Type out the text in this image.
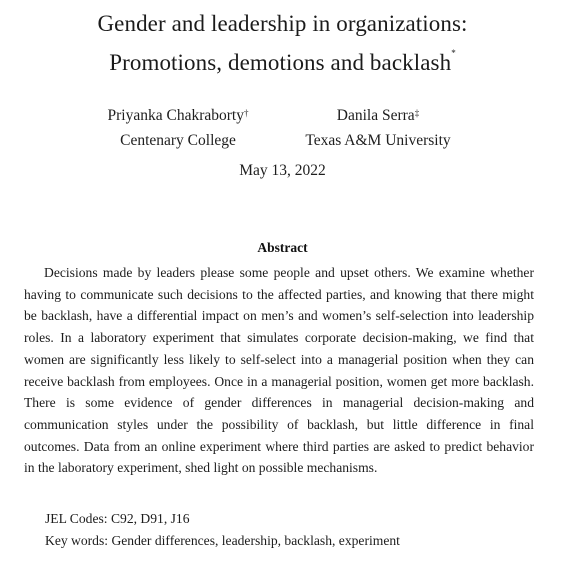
Gender and leadership in organizations:
Promotions, demotions and backlash*
Priyanka Chakraborty†
Centenary College
Danila Serra‡
Texas A&M University
May 13, 2022
Abstract

Decisions made by leaders please some people and upset others. We examine whether having to communicate such decisions to the affected parties, and knowing that there might be backlash, have a differential impact on men’s and women’s self-selection into leadership roles. In a laboratory experiment that simulates corporate decision-making, we find that women are significantly less likely to self-select into a managerial position when they can receive backlash from employees. Once in a managerial position, women get more backlash. There is some evidence of gender differences in managerial decision-making and communication styles under the possibility of backlash, but little difference in final outcomes. Data from an online experiment where third parties are asked to predict behavior in the laboratory experiment, shed light on possible mechanisms.

JEL Codes: C92, D91, J16
Key words: Gender differences, leadership, backlash, experiment
